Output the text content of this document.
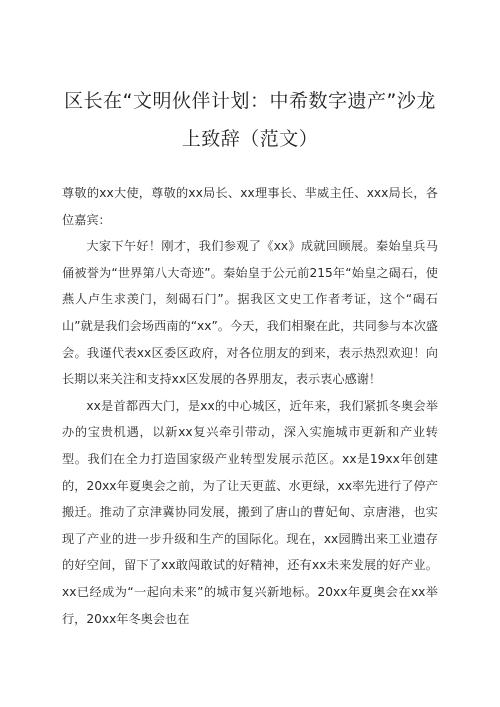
区长在“文明伙伴计划：中希数字遗产”沙龙
上致辞（范文）

尊敬的xx大使，尊敬的xx局长、xx理事长、芈威主任、xxx局长，各位嘉宾：

大家下午好！刚才，我们参观了《xx》成就回顾展。秦始皇兵马俑被誉为“世界第八大奇迹”。秦始皇于公元前215年“始皇之碣石，使燕人卢生求羡门，刻碣石门”。据我区文史工作者考证，这个“碣石山”就是我们会场西南的“xx”。今天，我们相聚在此，共同参与本次盛会。我谨代表xx区委区政府，对各位朋友的到来，表示热烈欢迎！向长期以来关注和支持xx区发展的各界朋友，表示衷心感谢！

xx是首都西大门，是xx的中心城区，近年来，我们紧抓冬奥会举办的宝贵机遇，以新xx复兴牵引带动，深入实施城市更新和产业转型。我们在全力打造国家级产业转型发展示范区。xx是19xx年创建的，20xx年夏奥会之前，为了让天更蓝、水更绿，xx率先进行了停产搬迁。推动了京津冀协同发展，搬到了唐山的曹妃甸、京唐港，也实现了产业的进一步升级和生产的国际化。现在，xx园腾出来工业遗存的好空间，留下了xx敢闯敢试的好精神，还有xx未来发展的好产业。xx已经成为“一起向未来”的城市复兴新地标。20xx年夏奥会在xx举行，20xx年冬奥会也在
